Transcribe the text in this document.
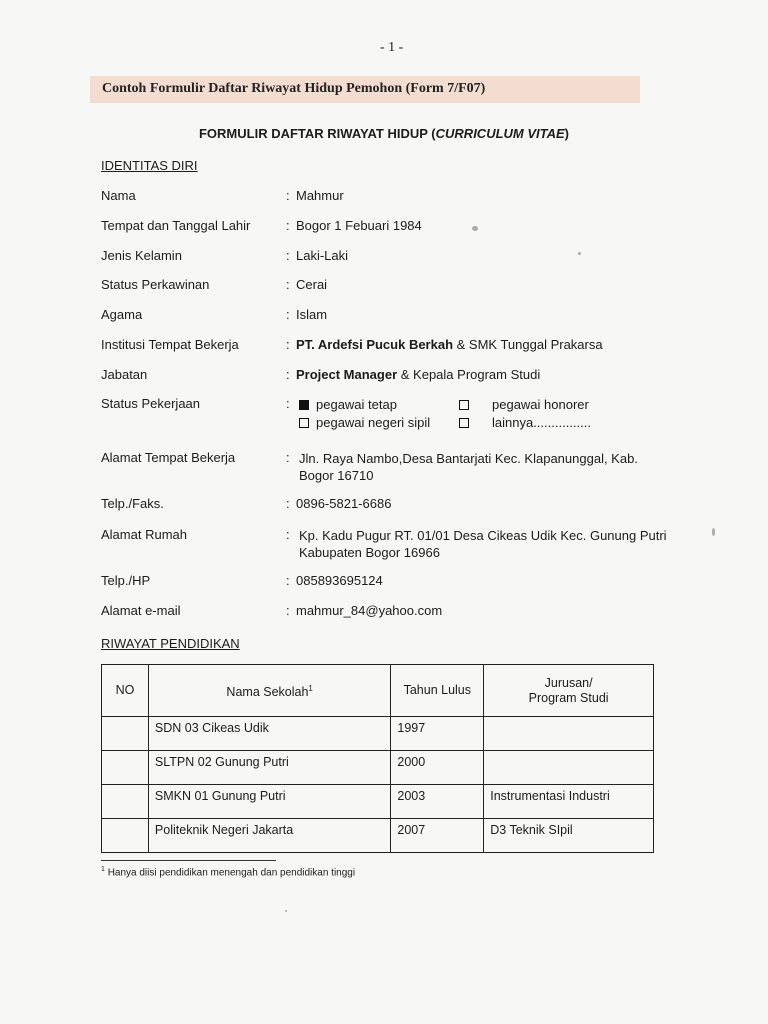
- 1 -
Contoh Formulir Daftar Riwayat Hidup Pemohon (Form 7/F07)
FORMULIR DAFTAR RIWAYAT HIDUP (CURRICULUM VITAE)
IDENTITAS DIRI
Nama	: Mahmur
Tempat dan Tanggal Lahir	: Bogor 1 Febuari 1984
Jenis Kelamin	: Laki-Laki
Status Perkawinan	: Cerai
Agama	: Islam
Institusi Tempat Bekerja	: PT. Ardefsi Pucuk Berkah & SMK Tunggal Prakarsa
Jabatan	: Project Manager & Kepala Program Studi
Status Pekerjaan	:	pegawai tetap	pegawai honorer
pegawai negeri sipil	lainnya................
Alamat Tempat Bekerja	: Jln. Raya Nambo,Desa Bantarjati Kec. Klapanunggal, Kab.
Bogor 16710
Telp./Faks.	: 0896-5821-6686
Alamat Rumah	: Kp. Kadu Pugur RT. 01/01 Desa Cikeas Udik Kec. Gunung Putri
Kabupaten Bogor 16966
Telp./HP	: 085893695124
Alamat e-mail	: mahmur_84@yahoo.com
RIWAYAT PENDIDIKAN
NO	Nama Sekolah$^1$	Tahun Lulus	Jurusan/
Program Studi
	SDN 03 Cikeas Udik	1997	
	SLTPN 02 Gunung Putri	2000	
	SMKN 01 Gunung Putri	2003	Instrumentasi Industri
	Politeknik Negeri Jakarta	2007	D3 Teknik SIpil
$^1$ Hanya diisi pendidikan menengah dan pendidikan tinggi
